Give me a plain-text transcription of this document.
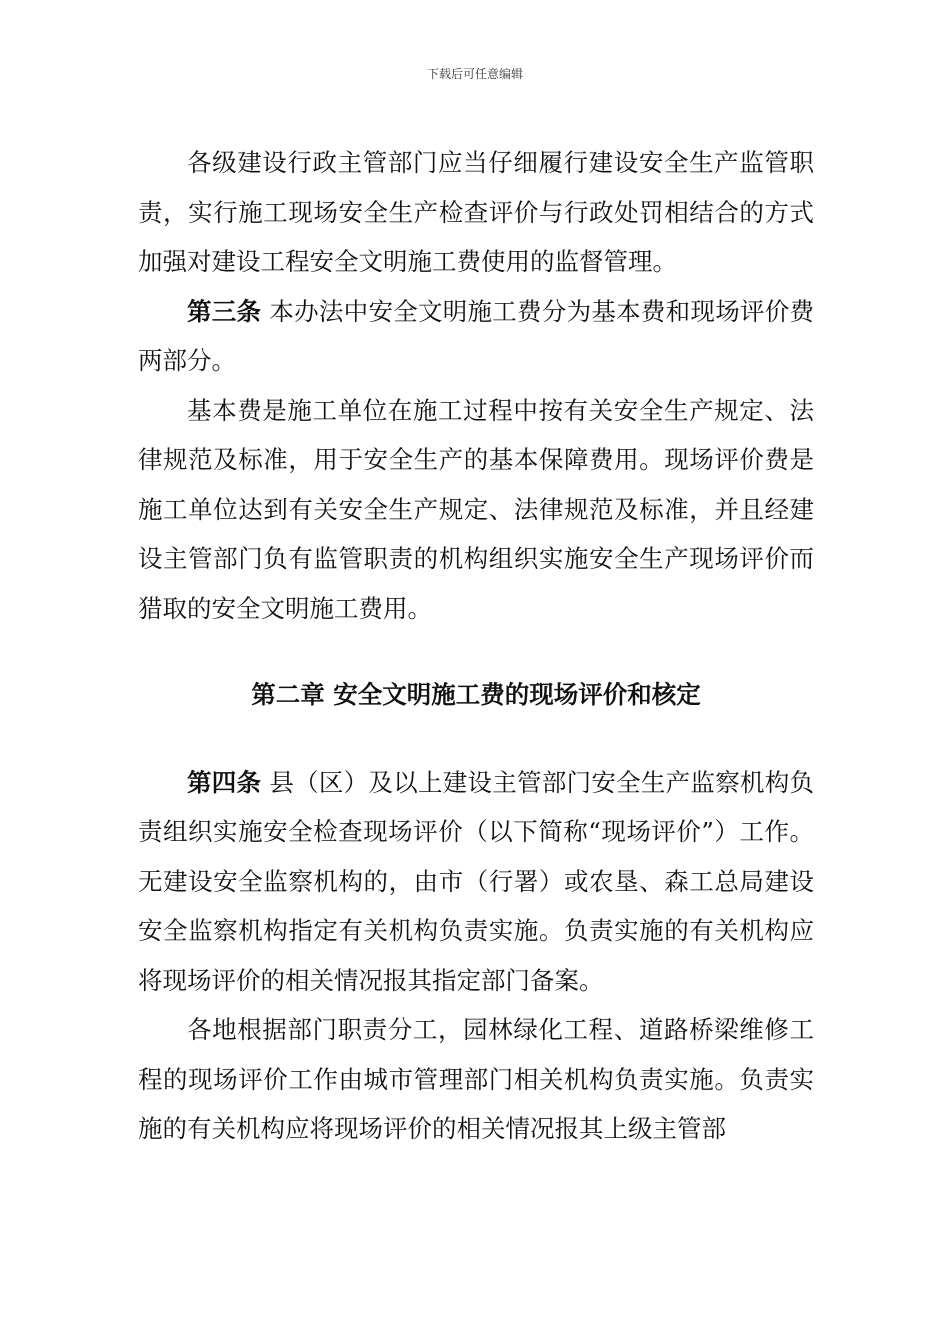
下载后可任意编辑

各级建设行政主管部门应当仔细履行建设安全生产监管职责，实行施工现场安全生产检查评价与行政处罚相结合的方式加强对建设工程安全文明施工费使用的监督管理。

第三条 本办法中安全文明施工费分为基本费和现场评价费两部分。

基本费是施工单位在施工过程中按有关安全生产规定、法律规范及标准，用于安全生产的基本保障费用。现场评价费是施工单位达到有关安全生产规定、法律规范及标准，并且经建设主管部门负有监管职责的机构组织实施安全生产现场评价而猎取的安全文明施工费用。

第二章 安全文明施工费的现场评价和核定

第四条 县（区）及以上建设主管部门安全生产监察机构负责组织实施安全检查现场评价（以下简称“现场评价”）工作。无建设安全监察机构的，由市（行署）或农垦、森工总局建设安全监察机构指定有关机构负责实施。负责实施的有关机构应将现场评价的相关情况报其指定部门备案。

各地根据部门职责分工，园林绿化工程、道路桥梁维修工程的现场评价工作由城市管理部门相关机构负责实施。负责实施的有关机构应将现场评价的相关情况报其上级主管部
